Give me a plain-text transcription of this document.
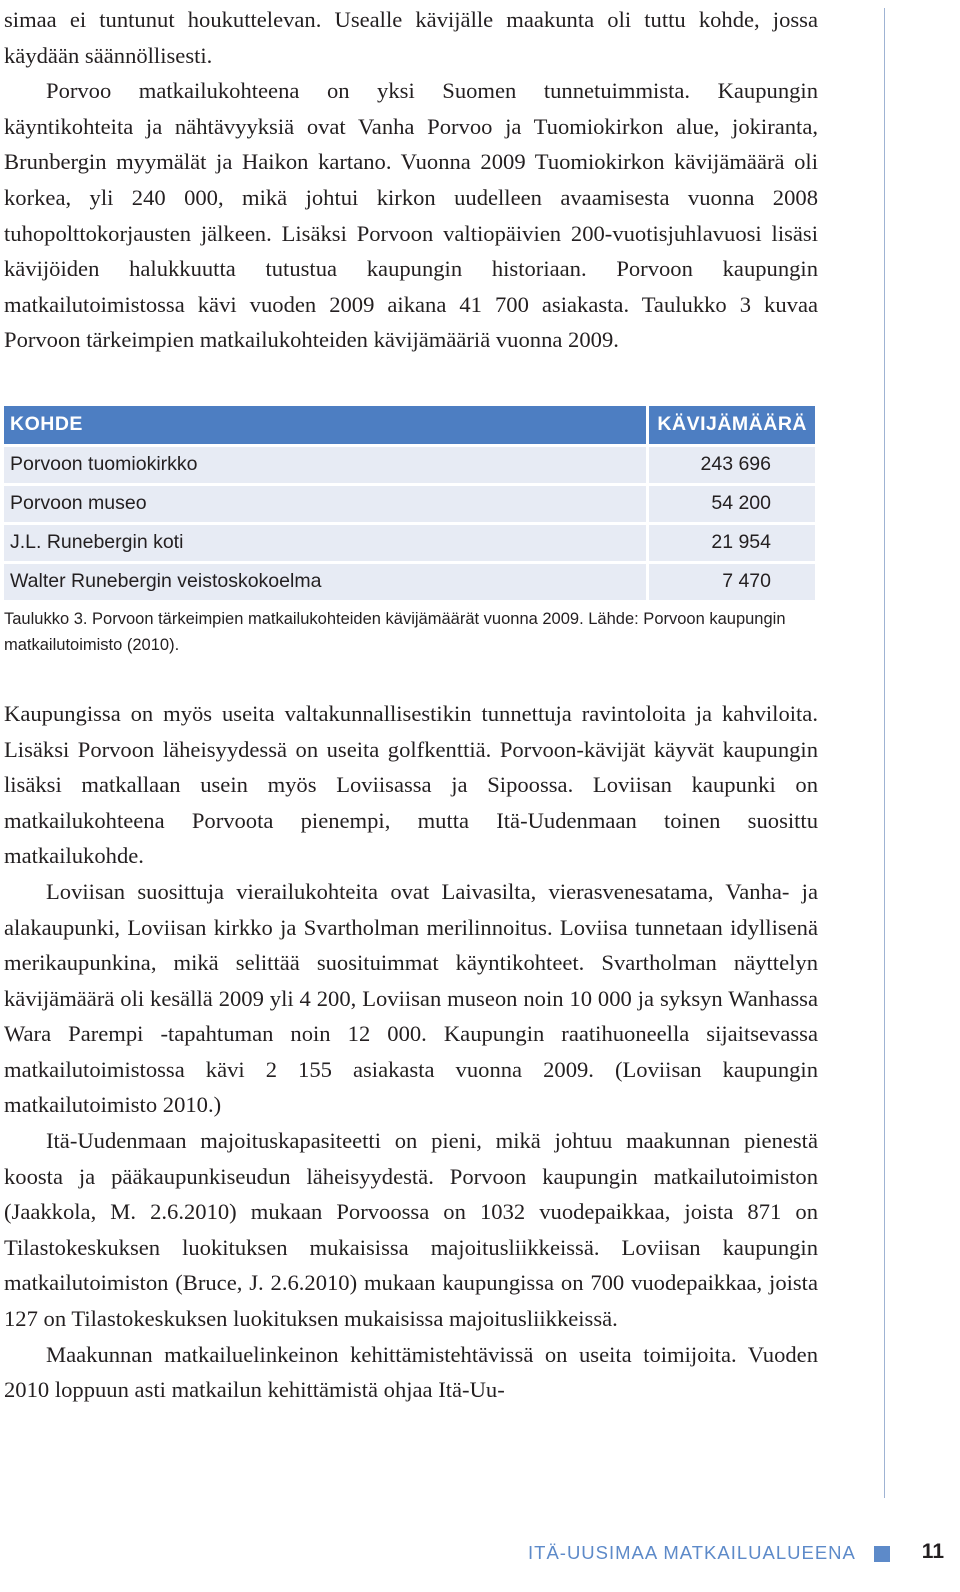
simaa ei tuntunut houkuttelevan. Usealle kävijälle maakunta oli tuttu kohde, jossa käydään säännöllisesti.

Porvoo matkailukohteena on yksi Suomen tunnetuimmista. Kaupungin käyntikohteita ja nähtävyyksiä ovat Vanha Porvoo ja Tuomiokirkon alue, jokiranta, Brunbergin myymälät ja Haikon kartano. Vuonna 2009 Tuomiokirkon kävijämäärä oli korkea, yli 240 000, mikä johtui kirkon uudelleen avaamisesta vuonna 2008 tuhopolttokorjausten jälkeen. Lisäksi Porvoon valtiopäivien 200-vuotisjuhlavuosi lisäsi kävijöiden halukkuutta tutustua kaupungin historiaan. Porvoon kaupungin matkailutoimistossa kävi vuoden 2009 aikana 41 700 asiakasta. Taulukko 3 kuvaa Porvoon tärkeimpien matkailukohteiden kävijämääriä vuonna 2009.

KOHDE	KÄVIJÄMÄÄRÄ
Porvoon tuomiokirkko	243 696
Porvoon museo	54 200
J.L. Runebergin koti	21 954
Walter Runebergin veistoskokoelma	7 470
Taulukko 3. Porvoon tärkeimpien matkailukohteiden kävijämäärät vuonna 2009. Lähde: Porvoon kaupungin matkailutoimisto (2010).

Kaupungissa on myös useita valtakunnallisestikin tunnettuja ravintoloita ja kahviloita. Lisäksi Porvoon läheisyydessä on useita golfkenttiä. Porvoon-kävijät käyvät kaupungin lisäksi matkallaan usein myös Loviisassa ja Sipoossa. Loviisan kaupunki on matkailukohteena Porvoota pienempi, mutta Itä-Uudenmaan toinen suosittu matkailukohde.

Loviisan suosittuja vierailukohteita ovat Laivasilta, vierasvenesatama, Vanha- ja alakaupunki, Loviisan kirkko ja Svartholman merilinnoitus. Loviisa tunnetaan idyllisenä merikaupunkina, mikä selittää suosituimmat käyntikohteet. Svartholman näyttelyn kävijämäärä oli kesällä 2009 yli 4 200, Loviisan museon noin 10 000 ja syksyn Wanhassa Wara Parempi -tapahtuman noin 12 000. Kaupungin raatihuoneella sijaitsevassa matkailutoimistossa kävi 2 155 asiakasta vuonna 2009. (Loviisan kaupungin matkailutoimisto 2010.)

Itä-Uudenmaan majoituskapasiteetti on pieni, mikä johtuu maakunnan pienestä koosta ja pääkaupunkiseudun läheisyydestä. Porvoon kaupungin matkailutoimiston (Jaakkola, M. 2.6.2010) mukaan Porvoossa on 1032 vuodepaikkaa, joista 871 on Tilastokeskuksen luokituksen mukaisissa majoitusliikkeissä. Loviisan kaupungin matkailutoimiston (Bruce, J. 2.6.2010) mukaan kaupungissa on 700 vuodepaikkaa, joista 127 on Tilastokeskuksen luokituksen mukaisissa majoitusliikkeissä.

Maakunnan matkailuelinkeinon kehittämistehtävissä on useita toimijoita. Vuoden 2010 loppuun asti matkailun kehittämistä ohjaa Itä-Uu-

ITÄ-UUSIMAA MATKAILUALUEENA	11
